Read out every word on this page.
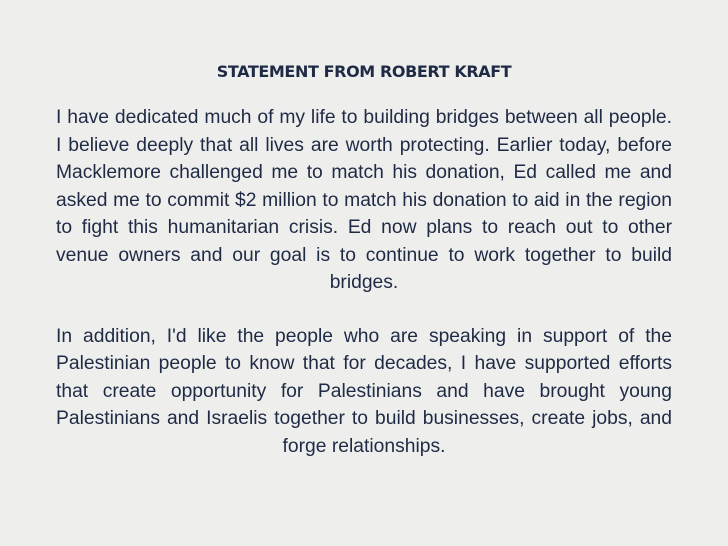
STATEMENT FROM ROBERT KRAFT

I have dedicated much of my life to building bridges between all people. I believe deeply that all lives are worth protecting. Earlier today, before Macklemore challenged me to match his donation, Ed called me and asked me to commit $2 million to match his donation to aid in the region to fight this humanitarian crisis. Ed now plans to reach out to other venue owners and our goal is to continue to work together to build bridges.

In addition, I'd like the people who are speaking in support of the Palestinian people to know that for decades, I have supported efforts that create opportunity for Palestinians and have brought young Palestinians and Israelis together to build businesses, create jobs, and forge relationships.
